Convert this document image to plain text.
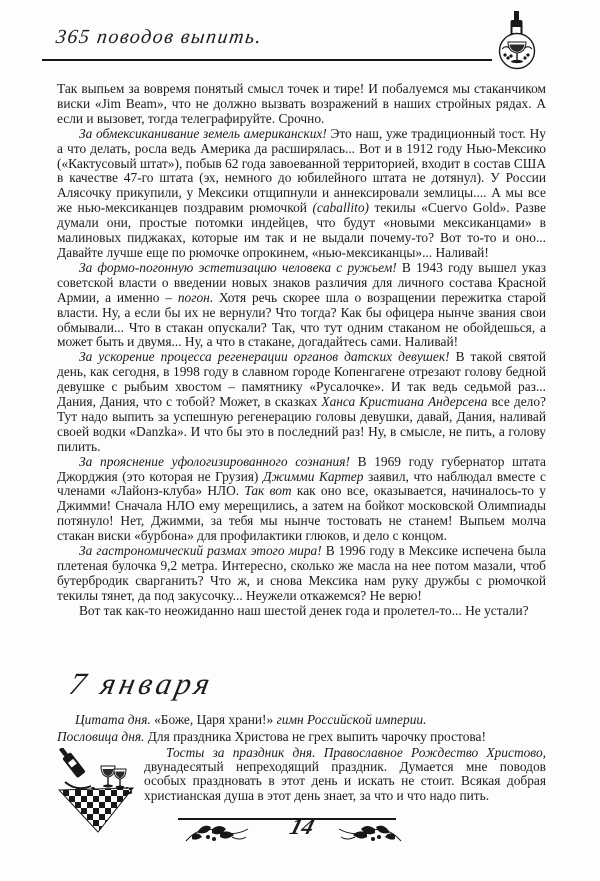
365 поводов выпить.

Так выпьем за вовремя понятый смысл точек и тире! И побалуемся мы стаканчиком виски «Jim Beam», что не должно вызвать возражений в наших стройных рядах. А если и вызовет, тогда телеграфируйте. Срочно.

За обмексиканивание земель американских! Это наш, уже традиционный тост. Ну а что делать, росла ведь Америка да расширялась... Вот и в 1912 году Нью-Мексико («Кактусовый штат»), побыв 62 года завоеванной территорией, входит в состав США в качестве 47-го штата (эх, немного до юбилейного штата не дотянул). У России Алясочку прикупили, у Мексики отщипнули и аннексировали землицы.... А мы все же нью-мексиканцев поздравим рюмочкой (caballito) текилы «Cuervo Gold». Разве думали они, простые потомки индейцев, что будут «новыми мексиканцами» в малиновых пиджаках, которые им так и не выдали почему-то? Вот то-то и оно... Давайте лучше еще по рюмочке опрокинем, «нью-мексиканцы»... Наливай!

За формо-погонную эстетизацию человека с ружьем! В 1943 году вышел указ советской власти о введении новых знаков различия для личного состава Красной Армии, а именно – погон. Хотя речь скорее шла о возращении пережитка старой власти. Ну, а если бы их не вернули? Что тогда? Как бы офицера нынче звания свои обмывали... Что в стакан опускали? Так, что тут одним стаканом не обойдешься, а может быть и двумя... Ну, а что в стакане, догадайтесь сами. Наливай!

За ускорение процесса регенерации органов датских девушек! В такой святой день, как сегодня, в 1998 году в славном городе Копенгагене отрезают голову бедной девушке с рыбьим хвостом – памятнику «Русалочке». И так ведь седьмой раз... Дания, Дания, что с тобой? Может, в сказках Ханса Кристиана Андерсена все дело? Тут надо выпить за успешную регенерацию головы девушки, давай, Дания, наливай своей водки «Danzka». И что бы это в последний раз! Ну, в смысле, не пить, а голову пилить.

За прояснение уфологизированного сознания! В 1969 году губернатор штата Джорджия (это которая не Грузия) Джимми Картер заявил, что наблюдал вместе с членами «Лайонз-клуба» НЛО. Так вот как оно все, оказывается, начиналось-то у Джимми! Сначала НЛО ему мерещились, а затем на бойкот московской Олимпиады потянуло! Нет, Джимми, за тебя мы нынче тостовать не станем! Выпьем молча стакан виски «бурбона» для профилактики глюков, и дело с концом.

За гастрономический размах этого мира! В 1996 году в Мексике испечена была плетеная булочка 9,2 метра. Интересно, сколько же масла на нее потом мазали, чтоб бутербродик сварганить? Что ж, и снова Мексика нам руку дружбы с рюмочкой текилы тянет, да под закусочку... Неужели откажемся? Не верю!

Вот так как-то неожиданно наш шестой денек года и пролетел-то... Не устали?

7 января
Цитата дня. «Боже, Царя храни!» гимн Российской империи.
Пословица дня. Для праздника Христова не грех выпить чарочку простова!

Тосты за праздник дня. Православное Рождество Христово, двунадесятый непреходящий праздник. Думается мне поводов особых праздновать в этот день и искать не стоит. Всякая добрая христианская душа в этот день знает, за что и что надо пить.

14
